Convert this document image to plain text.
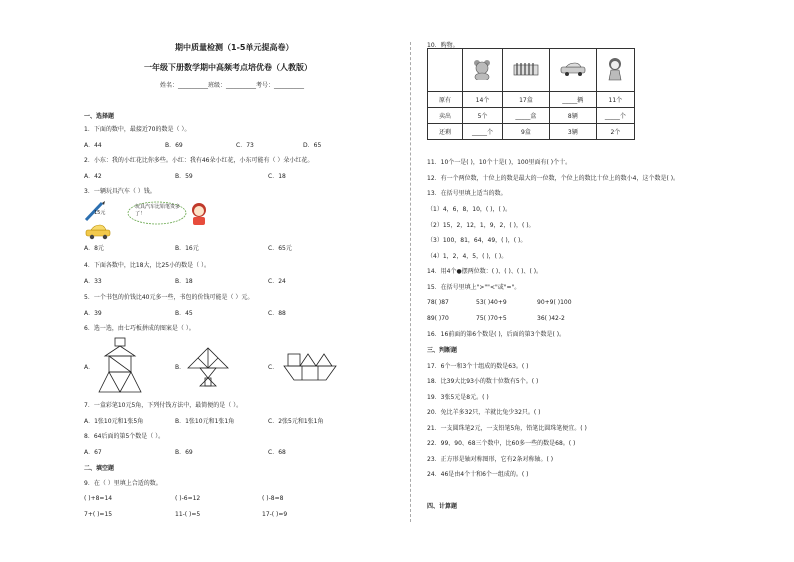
期中质量检测（1-5单元提高卷）
一年级下册数学期中高频考点培优卷（人教版）
姓名：__________班级：__________考号：__________
一、选择题
1．下面的数中，最接近70的数是（ ）。
A．44	B．69	C．73	D．65
2．小东：我的小红花比你多些。小红：我有46朵小红花，小东可能有（ ）朵小红花。
A．42	B．59	C．18
3．一辆玩具汽车（ ）钱。
15元
玩具汽车比铅笔贵多了！
A．8元	B．16元	C．65元
4．下面各数中，比18大，比25小的数是（ ）。
A．33	B．18	C．24
5．一个书包的价钱比40元多一些，书包的价钱可能是（ ）元。
A．39	B．45	C．88
6．选一选，由七巧板拼成的图案是（ ）。
A．	B．	C．
7．一盒彩笔10元5角，下列付钱方法中，最简便的是（ ）。
A．1张10元和1张5角	B．1张10元和1张1角	C．2张5元和1张1角
8．64后面的第5个数是（ ）。
A．67	B．69	C．68
二、填空题
9．在（ ）里填上合适的数。
( )+8=14	( )-6=12	( )-8=8
7+( )=15	11-( )=5	17-( )=9
10．购物。

原有	14个	17盒	_____辆	11个
卖出	5个	_____盒	8辆	_____个
还剩	_____个	9盒	3辆	2个
11．10个一是( )，10个十是( )，100里面有( )个十。
12．有一个两位数，十位上的数是最大的一位数，个位上的数比十位上的数小4，这个数是( )。
13．在括号里填上适当的数。
（1）4，6，8，10，( )，( )。
（2）15，2，12，1，9，2，( )，( )。
（3）100，81，64，49，( )，( )。
（4）1，2，4，5，( )，( )。
14．用4个●摆两位数：( )、( )、( )、( )。
15．在括号里填上">""<"或"="。
78( )87	53( )40+9	90+9( )100
89( )70	75( )70+5	36( )42-2
16．16前面的第6个数是( )，后面的第3个数是( )。
三、判断题
17．6个一和3个十组成的数是63。( )
18．比39大比93小的数十位数有5个。( )
19．3张5元是8元。( )
20．免比羊多32只，羊就比兔少32只。( )
21．一支圆珠笔2元，一支铅笔5角，铅笔比圆珠笔便宜。( )
22．99、90、68三个数中，比60多一些的数是68。( )
23．正方形是轴对称图形，它有2条对称轴。( )
24．46是由4个十和6个一组成的。( )
四、计算题
